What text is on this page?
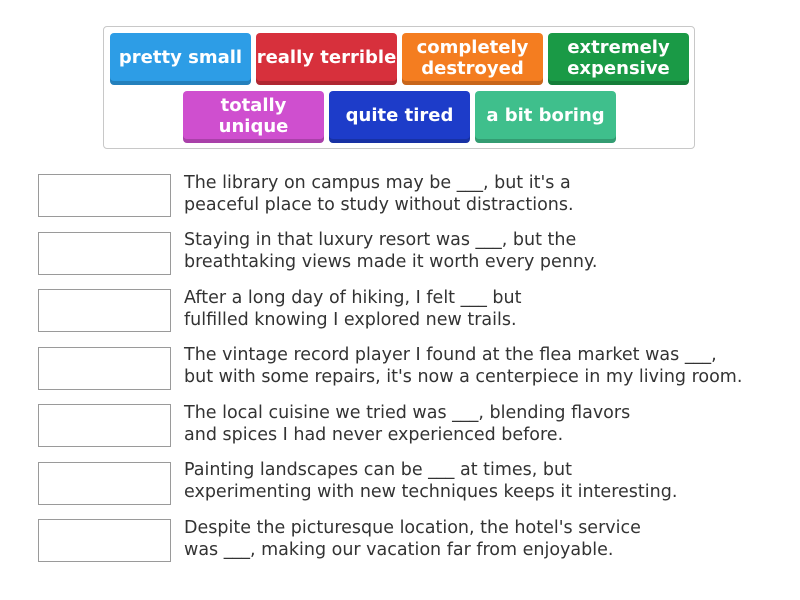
pretty small really terrible completely
destroyed
extremely
expensive
totally
unique	quite tired a bit boring
The library on campus may be ___, but it's a
peaceful place to study without distractions.
Staying in that luxury resort was ___, but the
breathtaking views made it worth every penny.
After a long day of hiking, I felt ___ but
fulfilled knowing I explored new trails.
The vintage record player I found at the flea market was ___,
but with some repairs, it's now a centerpiece in my living room.
The local cuisine we tried was ___, blending flavors
and spices I had never experienced before.
Painting landscapes can be ___ at times, but
experimenting with new techniques keeps it interesting.
Despite the picturesque location, the hotel's service
was ___, making our vacation far from enjoyable.
